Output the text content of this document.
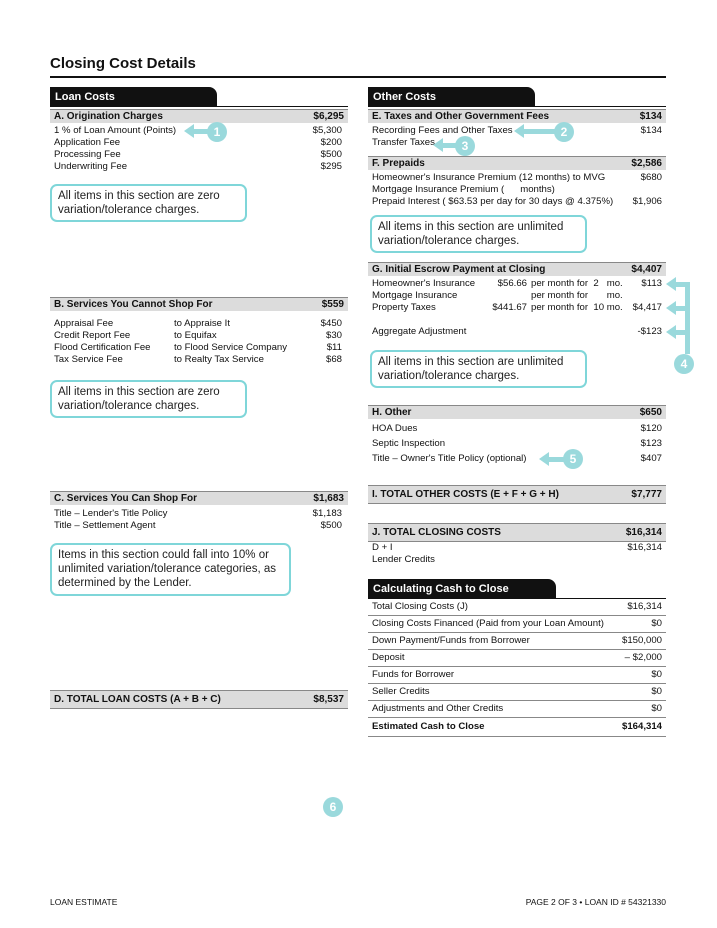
Closing Cost Details
Loan Costs
A. Origination Charges	$6,295
1 % of Loan Amount (Points)	$5,300
Application Fee	$200
Processing Fee	$500
Underwriting Fee	$295
All items in this section are zero variation/tolerance charges.
B. Services You Cannot Shop For	$559
Appraisal Fee	to Appraise It	$450
Credit Report Fee	to Equifax	$30
Flood Certification Fee	to Flood Service Company	$11
Tax Service Fee	to Realty Tax Service	$68
All items in this section are zero variation/tolerance charges.
C. Services You Can Shop For	$1,683
Title – Lender's Title Policy	$1,183
Title – Settlement Agent	$500
Items in this section could fall into 10% or unlimited variation/tolerance categories, as determined by the Lender.
D. TOTAL LOAN COSTS (A + B + C)	$8,537
Other Costs
E. Taxes and Other Government Fees	$134
Recording Fees and Other Taxes	$134
Transfer Taxes
F. Prepaids	$2,586
Homeowner's Insurance Premium (12 months) to MVG	$680
Mortgage Insurance Premium (      months)
Prepaid Interest ( $63.53 per day for 30 days @ 4.375%) $1,906
All items in this section are unlimited variation/tolerance charges.
G. Initial Escrow Payment at Closing	$4,407
Homeowner's Insurance	$56.66 per month for  2   mo.	$113
Mortgage Insurance	per month for       mo.
Property Taxes	$441.67 per month for  10 mo.	$4,417
Aggregate Adjustment	-$123
All items in this section are unlimited variation/tolerance charges.
H. Other	$650
HOA Dues	$120
Septic Inspection	$123
Title – Owner's Title Policy (optional)	$407
I. TOTAL OTHER COSTS (E + F + G + H)	$7,777
J. TOTAL CLOSING COSTS	$16,314
D + I	$16,314
Lender Credits
Calculating Cash to Close
Total Closing Costs (J)	$16,314
Closing Costs Financed (Paid from your Loan Amount)	$0
Down Payment/Funds from Borrower	$150,000
Deposit	– $2,000
Funds for Borrower	$0
Seller Credits	$0
Adjustments and Other Credits	$0
Estimated Cash to Close	$164,314
1	2
3
4
5
6
LOAN ESTIMATE	PAGE 2 OF 3 • LOAN ID # 54321330
